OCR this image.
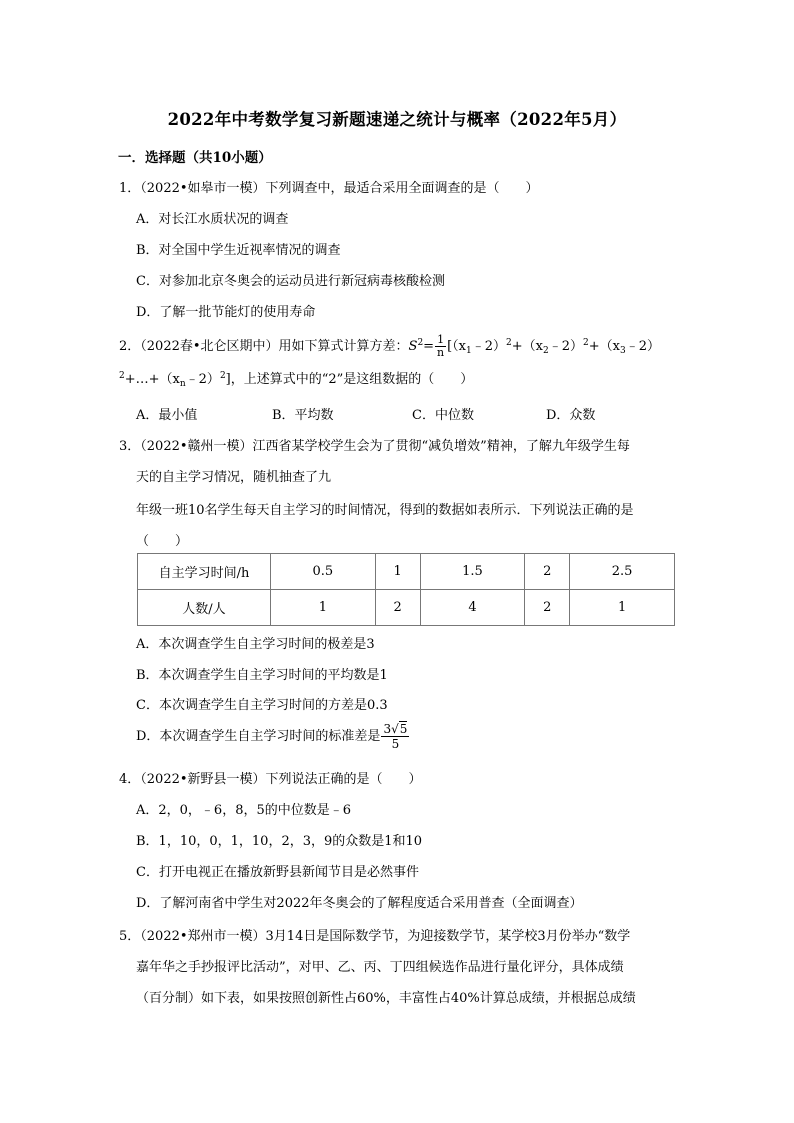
2022年中考数学复习新题速递之统计与概率（2022年5月）
一．选择题（共10小题）
1．（2022•如皋市一模）下列调查中，最适合采用全面调查的是（　　）
A．对长江水质状况的调查
B．对全国中学生近视率情况的调查
C．对参加北京冬奥会的运动员进行新冠病毒核酸检测
D．了解一批节能灯的使用寿命
2．（2022春•北仑区期中）用如下算式计算方差：$S^2= \frac{1}{n}$ [$(x_1﹣2)^2+(x_2﹣2)^2+(x_3﹣2)$
$^2+\dots+(x_n﹣2)^2$]，上述算式中的“2”是这组数据的（　　）
A．最小值	B．平均数	C．中位数	D．众数
3．（2022•赣州一模）江西省某学校学生会为了贯彻“减负增效”精神，了解九年级学生每
天的自主学习情况，随机抽查了九
年级一班10名学生每天自主学习的时间情况，得到的数据如表所示．下列说法正确的是
（　　）
自主学习时间/h	0.5	1	1.5	2	2.5
人数/人	1	2	4	2	1
A．本次调查学生自主学习时间的极差是3
B．本次调查学生自主学习时间的平均数是1
C．本次调查学生自主学习时间的方差是0.3
D．本次调查学生自主学习时间的标准差是 $\frac{3√5}{5}$
4．（2022•新野县一模）下列说法正确的是（　　）
A．2，0，﹣6，8，5的中位数是﹣6
B．1，10，0，1，10，2，3，9的众数是1和10
C．打开电视正在播放新野县新闻节目是必然事件
D．了解河南省中学生对2022年冬奥会的了解程度适合采用普查（全面调查）
5．（2022•郑州市一模）3月14日是国际数学节，为迎接数学节，某学校3月份举办“数学
嘉年华之手抄报评比活动”，对甲、乙、丙、丁四组候选作品进行量化评分，具体成绩
（百分制）如下表，如果按照创新性占60%，丰富性占40%计算总成绩，并根据总成绩
